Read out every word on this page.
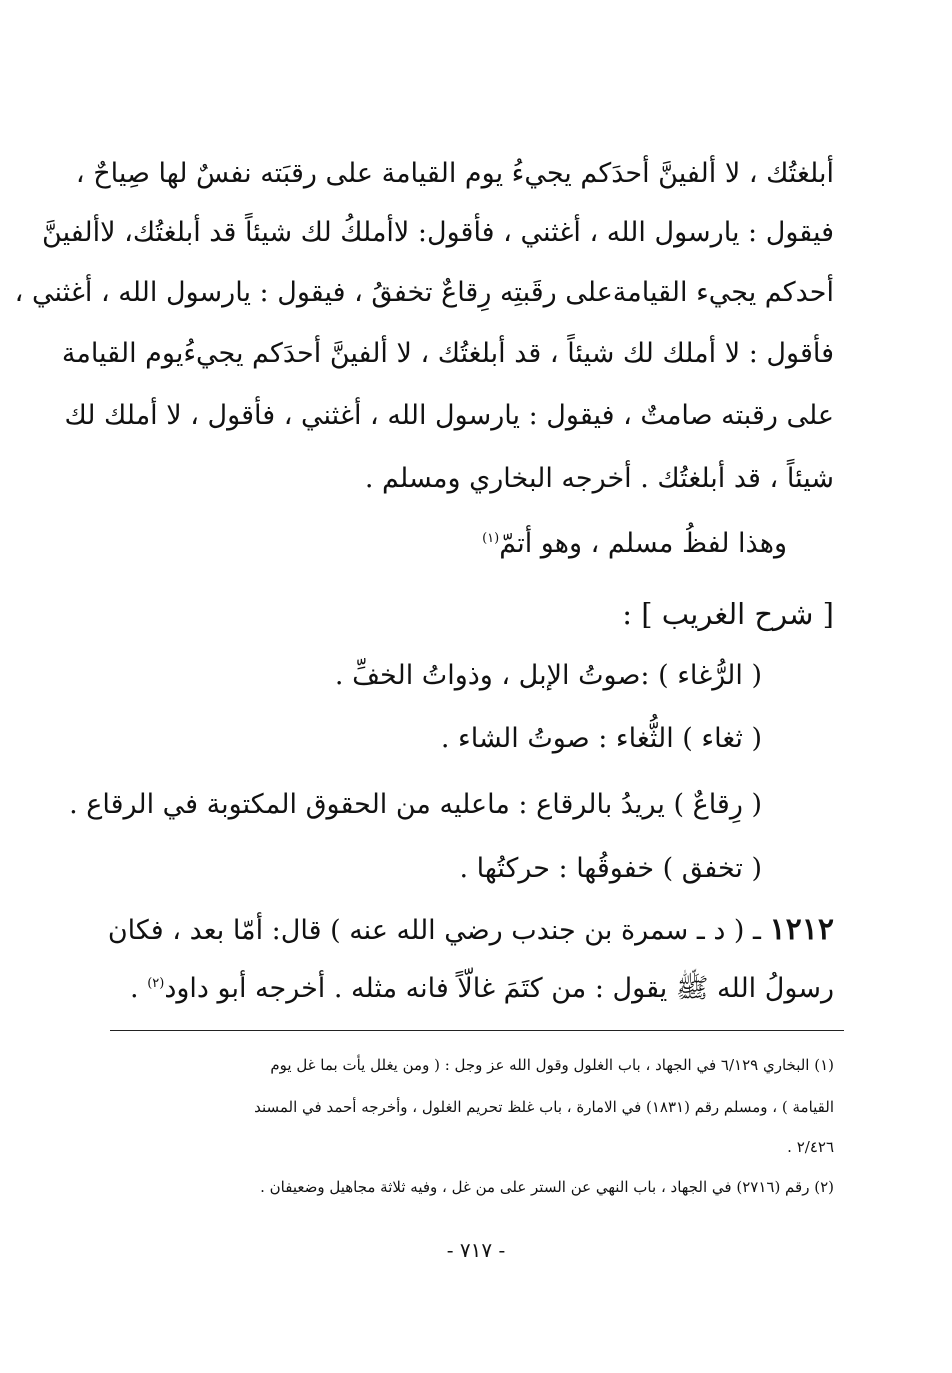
أبلغتُك ، لا ألفينَّ أحدَكم يجيءُ يوم القيامة على رقبَته نفسٌ لها صِياحٌ ،
فيقول : يارسول الله ، أغثني ، فأقول: لاأملكُ لك شيئاً قد أبلغتُك، لاألفينَّ
أحدكم يجيء القيامةعلى رقَبتِه رِقاعٌ تخفقُ ، فيقول : يارسول الله ، أغثني ،
فأقول : لا أملك لك شيئاً ، قد أبلغتُك ، لا ألفينَّ أحدَكم يجيءُيوم القيامة
على رقبته صامتٌ ، فيقول : يارسول الله ، أغثني ، فأقول ، لا أملك لك
شيئاً ، قد أبلغتُك . أخرجه البخاري ومسلم .
وهذا لفظُ مسلم ، وهو أتمّ$^{(١)}$
[ شرح الغريب ] :
( الرُّغاء ) :صوتُ الإبل ، وذواتُ الخفِّ .
( ثغاء ) الثُّغاء : صوتُ الشاء .
( رِقاعٌ ) يريدُ بالرقاع : ماعليه من الحقوق المكتوبة في الرقاع .
( تخفق ) خفوقُها : حركتُها .
١٢١٢ ـ ( د ـ سمرة بن جندب رضي الله عنه ) قال: أمّا بعد ، فكان
رسولُ الله ﷺ يقول : من كتَمَ غالّاً فانه مثله . أخرجه أبو داود$^{(٢)}$ .
(١) البخاري ٦/١٢٩ في الجهاد ، باب الغلول وقول الله عز وجل : ( ومن يغلل يأت بما غل يوم
القيامة ) ، ومسلم رقم (١٨٣١) في الامارة ، باب غلظ تحريم الغلول ، وأخرجه أحمد في المسند
٢/٤٢٦ .
(٢) رقم (٢٧١٦) في الجهاد ، باب النهي عن الستر على من غل ، وفيه ثلاثة مجاهيل وضعيفان .
- ٧١٧ -
